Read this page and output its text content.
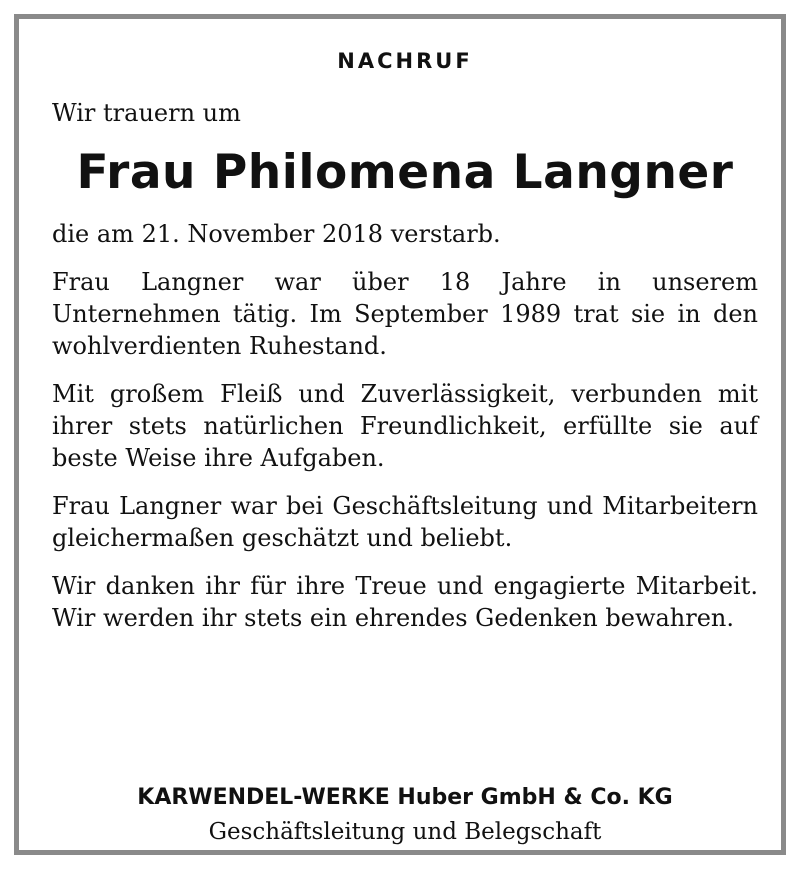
NACHRUF

Wir trauern um

Frau Philomena Langner

die am 21. November 2018 verstarb.

Frau Langner war über 18 Jahre in unserem Unternehmen tätig. Im September 1989 trat sie in den wohlverdienten Ruhestand.

Mit großem Fleiß und Zuverlässigkeit, verbunden mit ihrer stets natürlichen Freundlichkeit, erfüllte sie auf beste Weise ihre Aufgaben.

Frau Langner war bei Geschäftsleitung und Mitarbeitern gleichermaßen geschätzt und beliebt.

Wir danken ihr für ihre Treue und engagierte Mitarbeit. Wir werden ihr stets ein ehrendes Gedenken bewahren.

KARWENDEL-WERKE Huber GmbH & Co. KG

Geschäftsleitung und Belegschaft
